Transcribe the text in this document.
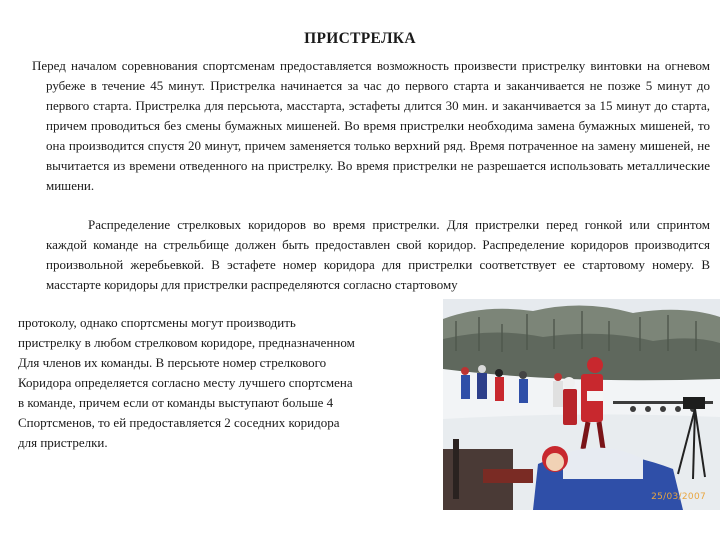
ПРИСТРЕЛКА

Перед началом соревнования спортсменам предоставляется возможность произвести пристрелку винтовки на огневом рубеже в течение 45 минут. Пристрелка начинается за час до первого старта и заканчивается не позже 5 минут до первого старта. Пристрелка для персьюта, масстарта, эстафеты длится 30 мин. и заканчивается за 15 минут до старта, причем проводиться без смены бумажных мишеней. Во время пристрелки необходима замена бумажных мишеней, то она производится спустя 20 минут, причем заменяется только верхний ряд. Время потраченное на замену мишеней, не вычитается из времени отведенного на пристрелку. Во время пристрелки не разрешается использовать металлические мишени.

Распределение стрелковых коридоров во время пристрелки. Для пристрелки перед гонкой или спринтом каждой команде на стрельбище должен быть предоставлен свой коридор. Распределение коридоров производится произвольной жеребьевкой. В эстафете номер коридора для пристрелки соответствует ее стартовому номеру. В масстарте коридоры для пристрелки распределяются согласно стартовому

протоколу, однако спортсмены могут производить
пристрелку в любом стрелковом коридоре, предназначенном
Для членов их команды. В персьюте номер стрелкового
Коридора определяется согласно месту лучшего спортсмена
в команде, причем если от команды выступают больше 4
Спортсменов, то ей предоставляется 2 соседних коридора
для пристрелки.
25/03/2007
